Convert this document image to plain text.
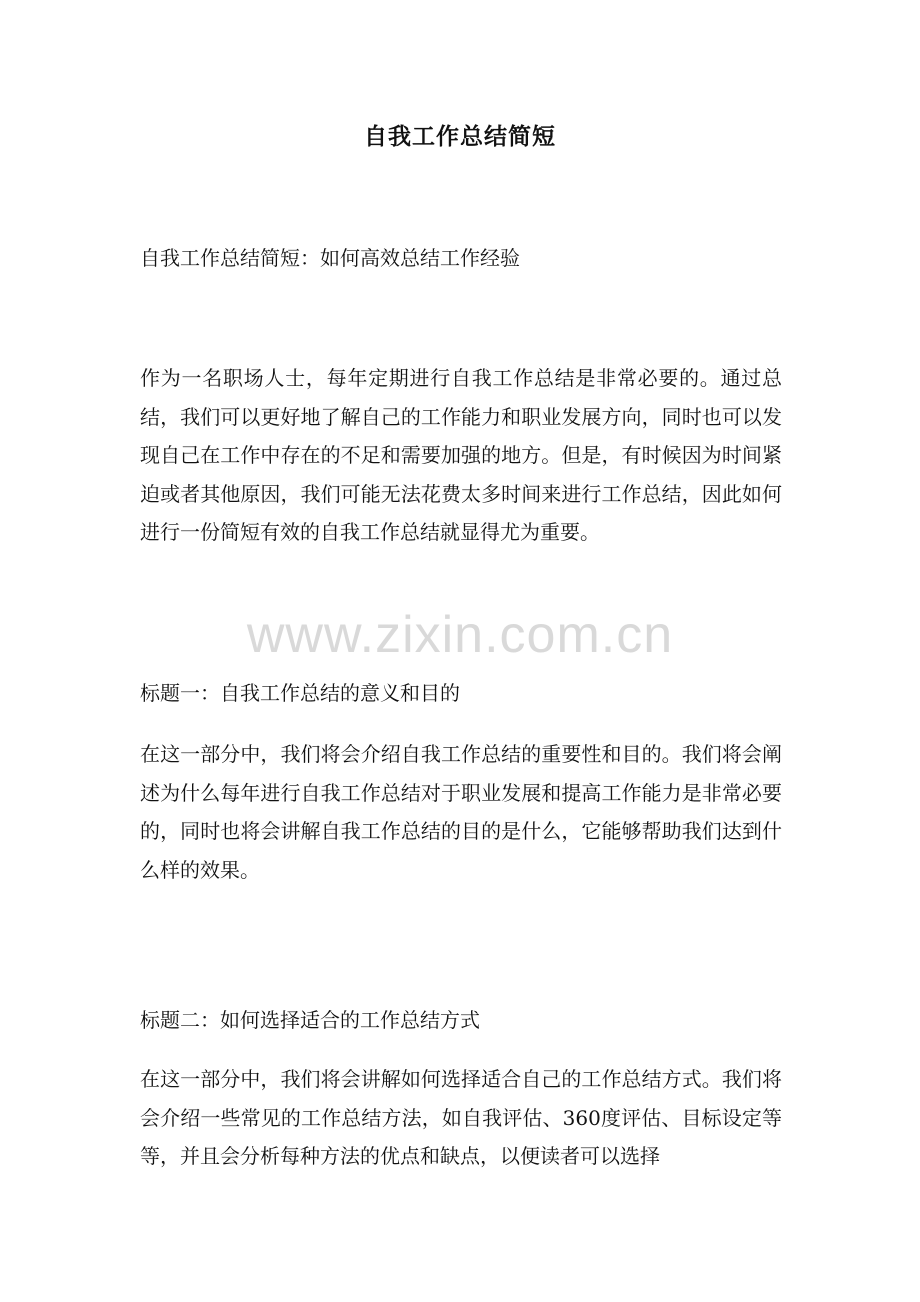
自我工作总结简短
自我工作总结简短：如何高效总结工作经验
作为一名职场人士，每年定期进行自我工作总结是非常必要的。通过总结，我们可以更好地了解自己的工作能力和职业发展方向，同时也可以发现自己在工作中存在的不足和需要加强的地方。但是，有时候因为时间紧迫或者其他原因，我们可能无法花费太多时间来进行工作总结，因此如何进行一份简短有效的自我工作总结就显得尤为重要。
www.zixin.com.cn
标题一：自我工作总结的意义和目的
在这一部分中，我们将会介绍自我工作总结的重要性和目的。我们将会阐述为什么每年进行自我工作总结对于职业发展和提高工作能力是非常必要的，同时也将会讲解自我工作总结的目的是什么，它能够帮助我们达到什么样的效果。
标题二：如何选择适合的工作总结方式
在这一部分中，我们将会讲解如何选择适合自己的工作总结方式。我们将会介绍一些常见的工作总结方法，如自我评估、360度评估、目标设定等等，并且会分析每种方法的优点和缺点，以便读者可以选择
